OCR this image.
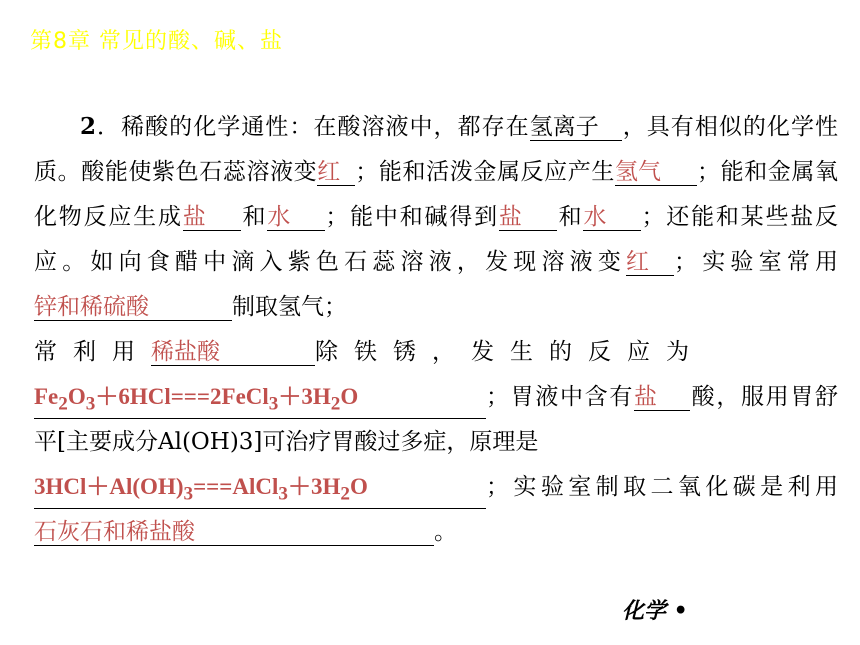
第8章 常见的酸、碱、盐
2．稀酸的化学通性：在酸溶液中，都存在氢离子 ，具有相似的化学性质。酸能使紫色石蕊溶液变红 ；能和活泼金属反应产生氢气 ；能和金属氧化物反应生成盐 和水 ；能中和碱得到盐 和水 ；还能和某些盐反应。如向食醋中滴入紫色石蕊溶液，发现溶液变红 ；实验室常用锌和稀硫酸	制取氢气；
常利用稀盐酸	除铁锈，发生的反应为
$Fe_2O_3+6HCl===2FeCl_3+3H_2O$	；胃液中含有盐 酸，服用胃舒平[主要成分Al(OH)3]可治疗胃酸过多症，原理是
$3HCl+Al(OH)_3===AlCl_3+3H_2O$	；实验室制取二氧化碳是利用石灰石和稀盐酸	。
化学 •
